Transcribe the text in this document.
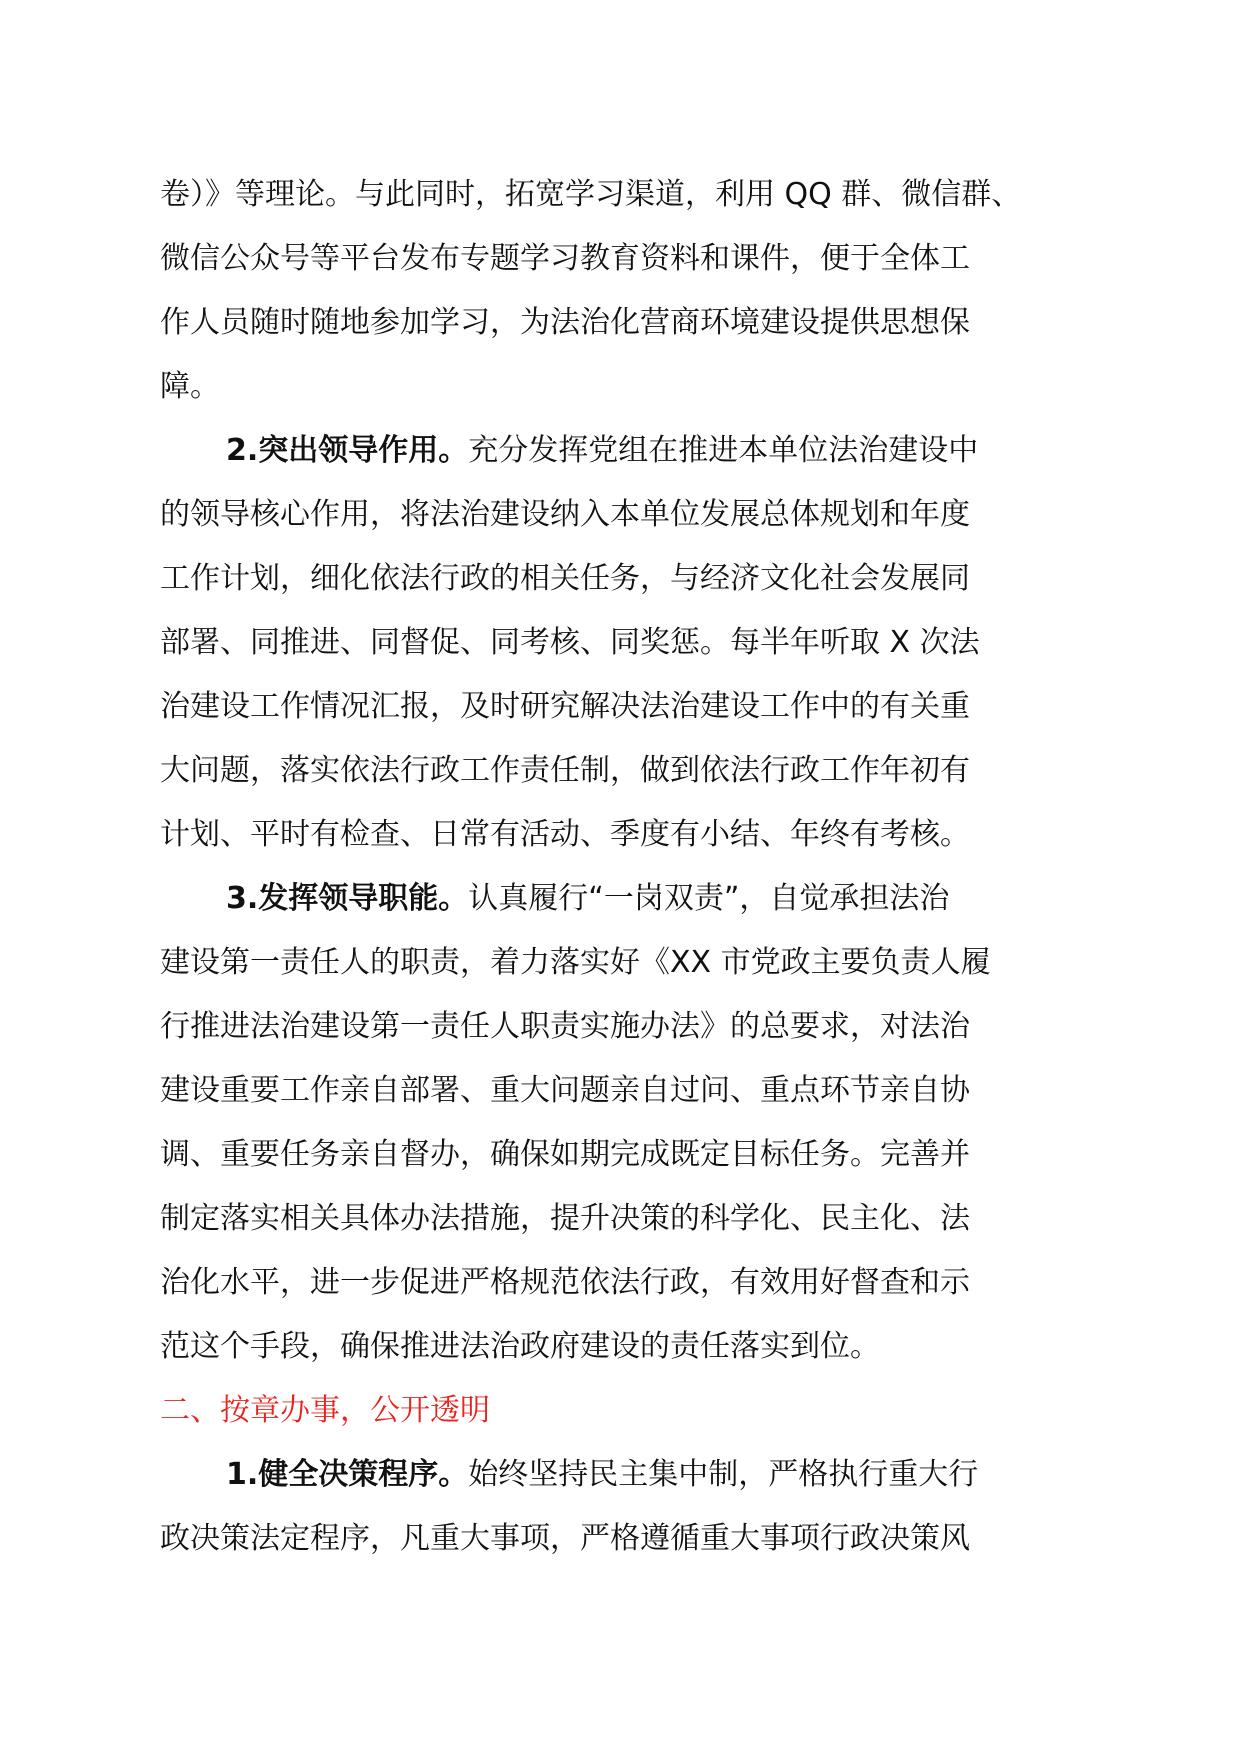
卷）》等理论。与此同时，拓宽学习渠道，利用 QQ 群、微信群、

微信公众号等平台发布专题学习教育资料和课件，便于全体工

作人员随时随地参加学习，为法治化营商环境建设提供思想保

障。

2.突出领导作用。充分发挥党组在推进本单位法治建设中

的领导核心作用，将法治建设纳入本单位发展总体规划和年度

工作计划，细化依法行政的相关任务，与经济文化社会发展同

部署、同推进、同督促、同考核、同奖惩。每半年听取 X 次法

治建设工作情况汇报，及时研究解决法治建设工作中的有关重

大问题，落实依法行政工作责任制，做到依法行政工作年初有

计划、平时有检查、日常有活动、季度有小结、年终有考核。

3.发挥领导职能。认真履行“一岗双责”，自觉承担法治

建设第一责任人的职责，着力落实好《XX 市党政主要负责人履

行推进法治建设第一责任人职责实施办法》的总要求，对法治

建设重要工作亲自部署、重大问题亲自过问、重点环节亲自协

调、重要任务亲自督办，确保如期完成既定目标任务。完善并

制定落实相关具体办法措施，提升决策的科学化、民主化、法

治化水平，进一步促进严格规范依法行政，有效用好督查和示

范这个手段，确保推进法治政府建设的责任落实到位。

二、按章办事，公开透明

1.健全决策程序。始终坚持民主集中制，严格执行重大行

政决策法定程序，凡重大事项，严格遵循重大事项行政决策风
